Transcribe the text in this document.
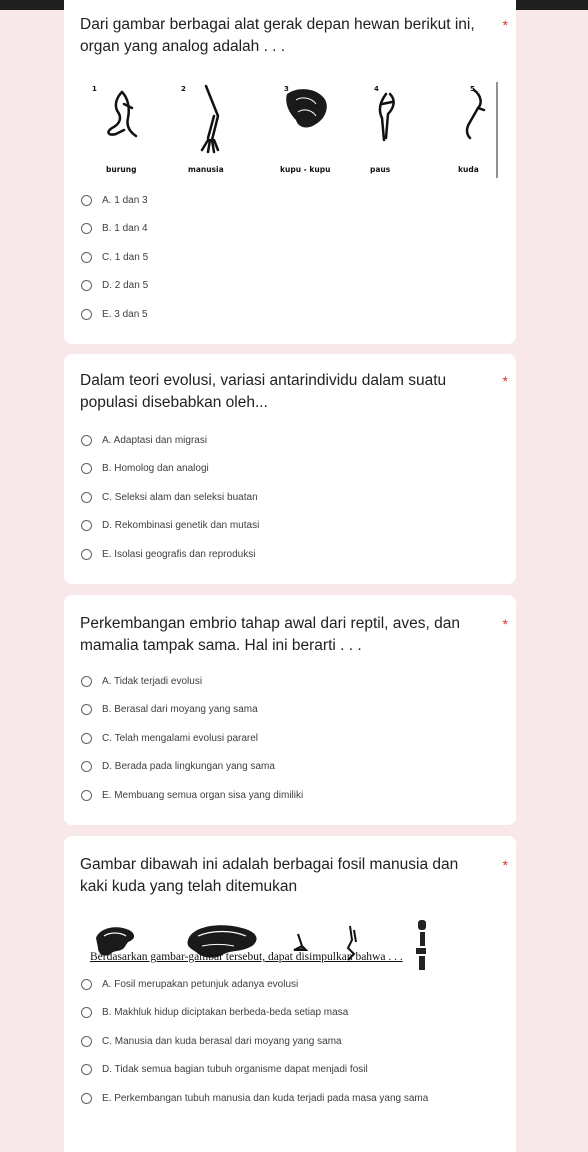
Dari gambar berbagai alat gerak depan hewan berikut ini, organ yang analog adalah . . .
*
1
burung
2
manusia
3
kupu - kupu
4
paus
5
kuda
A. 1 dan 3
B. 1 dan 4
C. 1 dan 5
D. 2 dan 5
E. 3 dan 5
Dalam teori evolusi, variasi antarindividu dalam suatu populasi disebabkan oleh...
*
A. Adaptasi dan migrasi
B. Homolog dan analogi
C. Seleksi alam dan seleksi buatan
D. Rekombinasi genetik dan mutasi
E. Isolasi geografis dan reproduksi
Perkembangan embrio tahap awal dari reptil, aves, dan mamalia tampak sama. Hal ini berarti . . .
*
A. Tidak terjadi evolusi
B. Berasal dari moyang yang sama
C. Telah mengalami evolusi pararel
D. Berada pada lingkungan yang sama
E. Membuang semua organ sisa yang dimiliki
Gambar dibawah ini adalah berbagai fosil manusia dan kaki kuda yang telah ditemukan
*
Berdasarkan gambar-gambar tersebut, dapat disimpulkan bahwa . . .
A. Fosil merupakan petunjuk adanya evolusi
B. Makhluk hidup diciptakan berbeda-beda setiap masa
C. Manusia dan kuda berasal dari moyang yang sama
D. Tidak semua bagian tubuh organisme dapat menjadi fosil
E. Perkembangan tubuh manusia dan kuda terjadi pada masa yang sama
